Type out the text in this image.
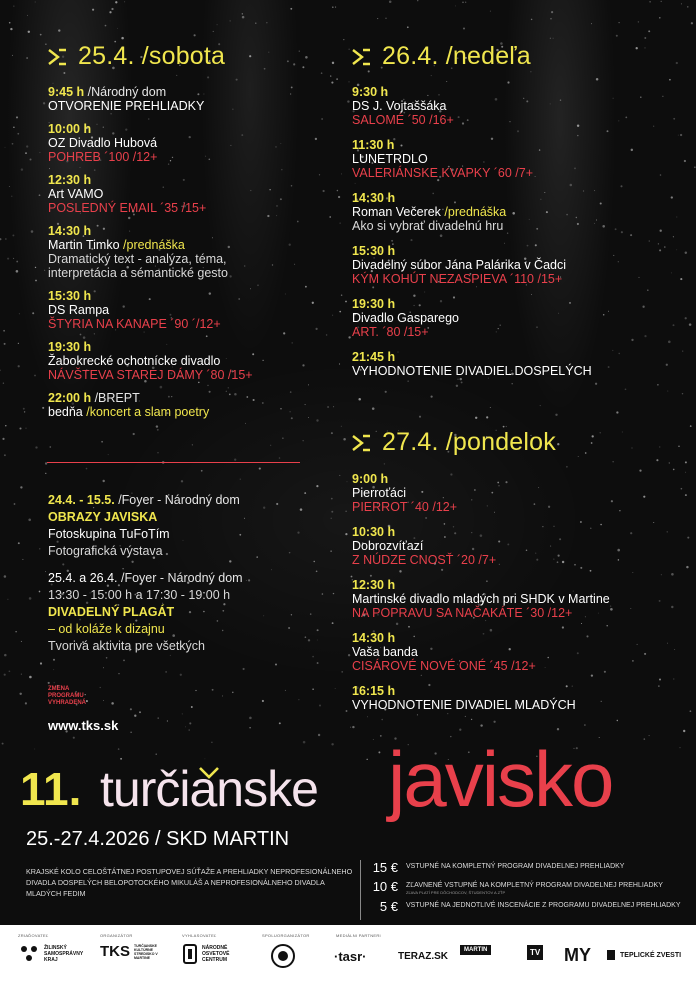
25.4. /sobota
9:45 h /Národný dom
OTVORENIE PREHLIADKY
10:00 h
OZ Divadlo Hubová
POHREB ´100 /12+
12:30 h
Art VAMO
POSLEDNÝ EMAIL ´35 /15+
14:30 h
Martin Timko /prednáška
Dramatický text - analýza, téma,
interpretácia a sémantické gesto
15:30 h
DS Rampa
ŠTYRIA NA KANAPE ´90 ´/12+
19:30 h
Žabokrecké ochotnícke divadlo
NÁVŠTEVA STAREJ DÁMY ´80 /15+
22:00 h /BREPT
bedňa /koncert a slam poetry
26.4. /nedeľa
9:30 h
DS J. Vojtaššáka
SALOMÉ ´50 /16+
11:30 h
LUNETRDLO
VALERIÁNSKE KVAPKY ´60 /7+
14:30 h
Roman Večerek /prednáška
Ako si vybrať divadelnú hru
15:30 h
Divadelný súbor Jána Palárika v Čadci
KÝM KOHÚT NEZASPIEVA ´110 /15+
19:30 h
Divadlo Gasparego
ART. ´80 /15+
21:45 h
VYHODNOTENIE DIVADIEL DOSPELÝCH
27.4. /pondelok
9:00 h
Pierroťáci
PIERROT ´40 /12+
10:30 h
Dobrozvíťazí
Z NÚDZE CNOSŤ ´20 /7+
12:30 h
Martinské divadlo mladých pri SHDK v Martine
NA POPRAVU SA NAČAKÁTE ´30 /12+
14:30 h
Vaša banda
CISÁROVÉ NOVÉ ONÉ ´45 /12+
16:15 h
VYHODNOTENIE DIVADIEL MLADÝCH
24.4. - 15.5. /Foyer - Národný dom
OBRAZY JAVISKA
Fotoskupina TuFoTím
Fotografická výstava
25.4. a 26.4. /Foyer - Národný dom
13:30 - 15:00 h a 17:30 - 19:00 h
DIVADELNÝ PLAGÁT
– od koláže k dizajnu
Tvorivá aktivita pre všetkých
ZMENA
PROGRAMU
VYHRADENÁ
www.tks.sk
11. turčianske javisko
25.-27.4.2026 / SKD MARTIN
KRAJSKÉ KOLO CELOŠTÁTNEJ POSTUPOVEJ SÚŤAŽE A PREHLIADKY NEPROFESIONÁLNEHO DIVADLA DOSPELÝCH BELOPOTOCKÉHO MIKULÁŠ A NEPROFESIONÁLNEHO DIVADLA MLADÝCH FEDIM
15 € VSTUPNÉ NA KOMPLETNÝ PROGRAM DIVADELNEJ PREHLIADKY
10 € ZĽAVNENÉ VSTUPNÉ NA KOMPLETNÝ PROGRAM DIVADELNEJ PREHLIADKY
ZĽAVA PLATÍ PRE DÔCHODCOV, ŠTUDENTOV A ZŤP
5 € VSTUPNÉ NA JEDNOTLIVÉ INSCENÁCIE Z PROGRAMU DIVADELNEJ PREHLIADKY
ZRIAĎOVATEĽ	ORGANIZÁTOR	VYHLASOVATEĽ	SPOLUORGANIZÁTOR	MEDIÁLNI PARTNERI
ŽILINSKÝ SAMOSPRÁVNY KRAJ	TKS TURČIANSKE KULTÚRNE STREDISKO V MARTINE
NÁRODNÉ OSVETOVÉ CENTRUM	·tasr·	TERAZ.SK
MARTIN	TV MY	TEPLICKÉ ZVESTI
